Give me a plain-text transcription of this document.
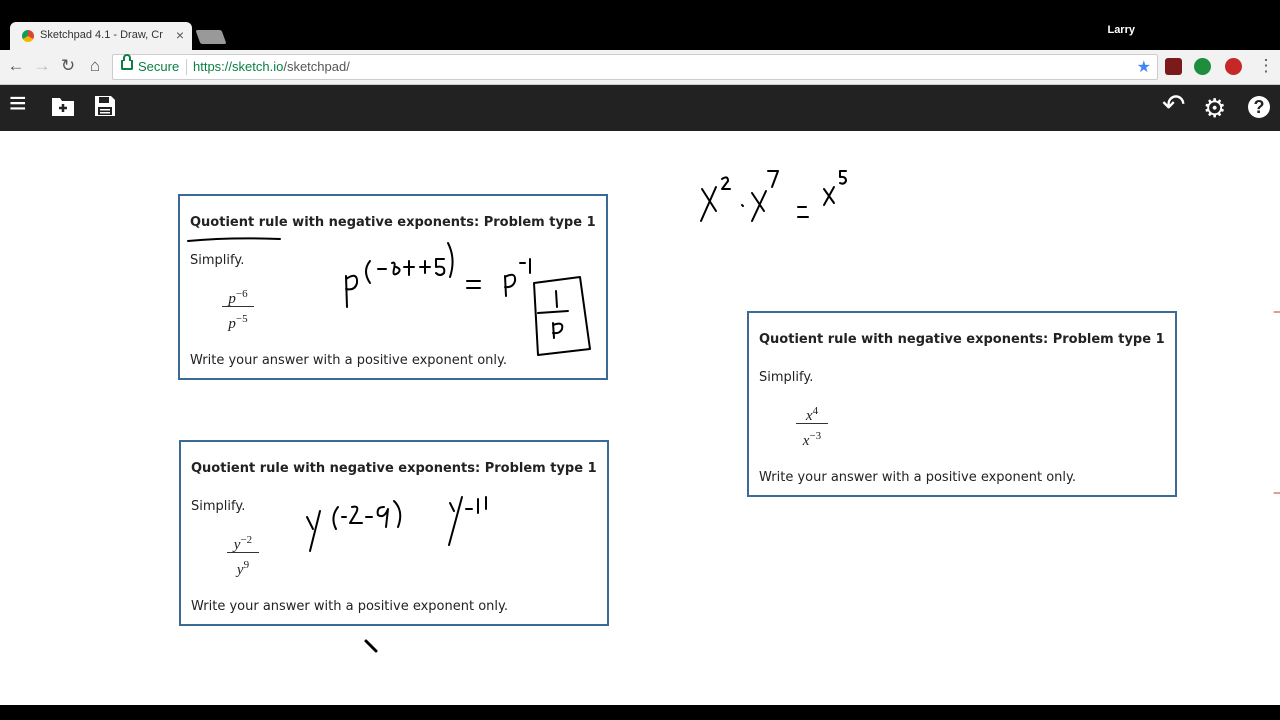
Sketchpad 4.1 - Draw, Cr ×	Larry
← → ↻ ⌂	Secure https://sketch.io/sketchpad/	★	⋮
≡	↶ ⚙	?
Quotient rule with negative exponents: Problem type 1
Simplify.
$p^{-6}$
$p^{-5}$
Write your answer with a positive exponent only.
Quotient rule with negative exponents: Problem type 1
Simplify.
$y^{-2}$
$y^9$
Write your answer with a positive exponent only.
Quotient rule with negative exponents: Problem type 1
Simplify.
$x^4$
$x^{-3}$
Write your answer with a positive exponent only.
